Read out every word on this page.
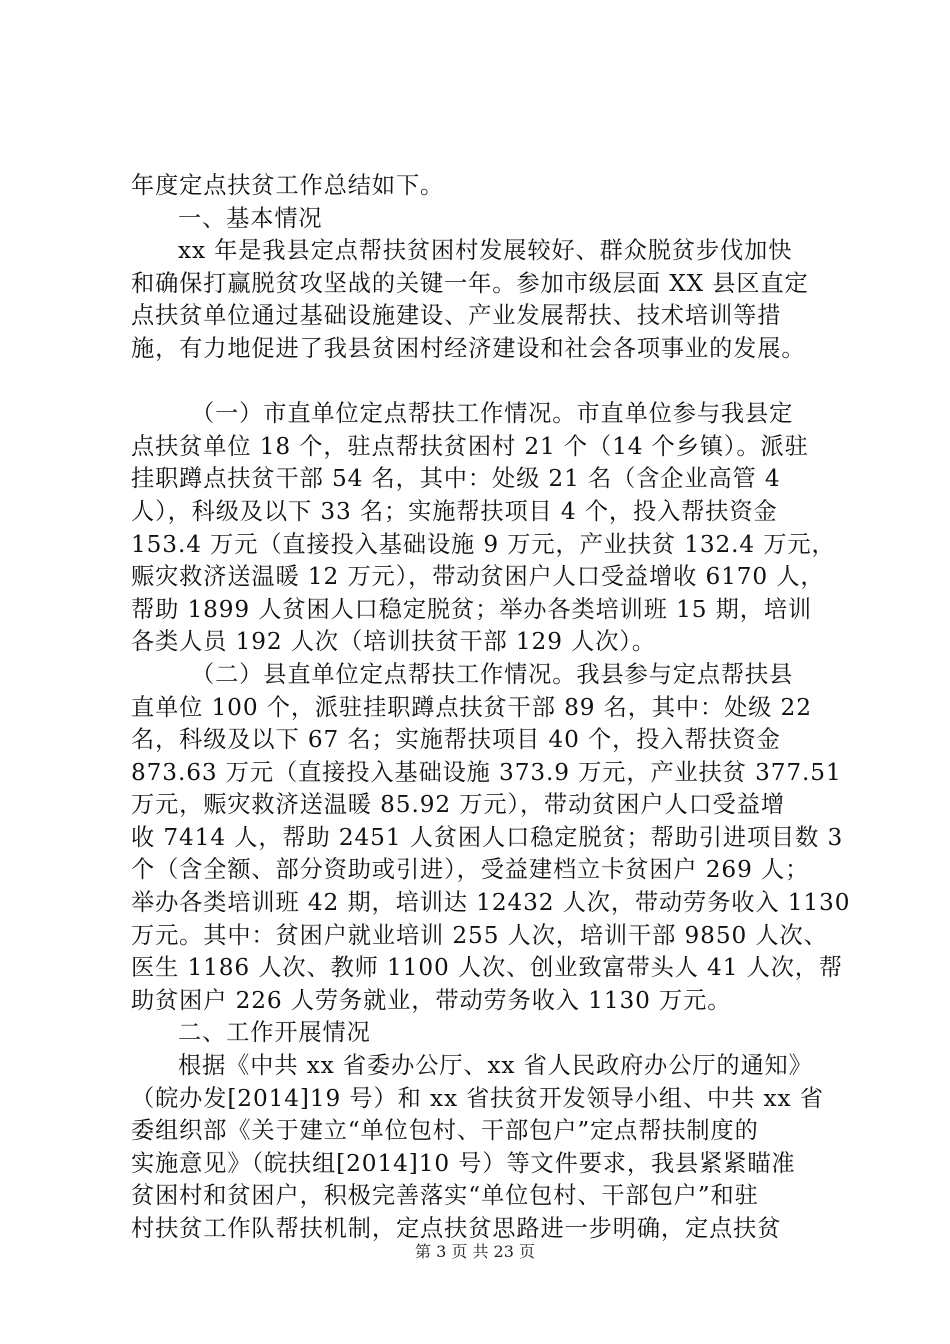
年度定点扶贫工作总结如下。
一、基本情况
xx 年是我县定点帮扶贫困村发展较好、群众脱贫步伐加快
和确保打赢脱贫攻坚战的关键一年。参加市级层面 XX 县区直定
点扶贫单位通过基础设施建设、产业发展帮扶、技术培训等措
施，有力地促进了我县贫困村经济建设和社会各项事业的发展。
（一）市直单位定点帮扶工作情况。市直单位参与我县定
点扶贫单位 18 个，驻点帮扶贫困村 21 个（14 个乡镇）。派驻
挂职蹲点扶贫干部 54 名，其中：处级 21 名（含企业高管 4
人），科级及以下 33 名；实施帮扶项目 4 个，投入帮扶资金
153.4 万元（直接投入基础设施 9 万元，产业扶贫 132.4 万元，
赈灾救济送温暖 12 万元），带动贫困户人口受益增收 6170 人，
帮助 1899 人贫困人口稳定脱贫；举办各类培训班 15 期，培训
各类人员 192 人次（培训扶贫干部 129 人次）。
（二）县直单位定点帮扶工作情况。我县参与定点帮扶县
直单位 100 个，派驻挂职蹲点扶贫干部 89 名，其中：处级 22
名，科级及以下 67 名；实施帮扶项目 40 个，投入帮扶资金
873.63 万元（直接投入基础设施 373.9 万元，产业扶贫 377.51
万元，赈灾救济送温暖 85.92 万元），带动贫困户人口受益增
收 7414 人，帮助 2451 人贫困人口稳定脱贫；帮助引进项目数 3
个（含全额、部分资助或引进），受益建档立卡贫困户 269 人；
举办各类培训班 42 期，培训达 12432 人次，带动劳务收入 1130
万元。其中：贫困户就业培训 255 人次，培训干部 9850 人次、
医生 1186 人次、教师 1100 人次、创业致富带头人 41 人次，帮
助贫困户 226 人劳务就业，带动劳务收入 1130 万元。
二、工作开展情况
根据《中共 xx 省委办公厅、xx 省人民政府办公厅的通知》
（皖办发[2014]19 号）和 xx 省扶贫开发领导小组、中共 xx 省
委组织部《关于建立“单位包村、干部包户”定点帮扶制度的
实施意见》（皖扶组[2014]10 号）等文件要求，我县紧紧瞄准
贫困村和贫困户，积极完善落实“单位包村、干部包户”和驻
村扶贫工作队帮扶机制，定点扶贫思路进一步明确，定点扶贫
第 3 页 共 23 页
